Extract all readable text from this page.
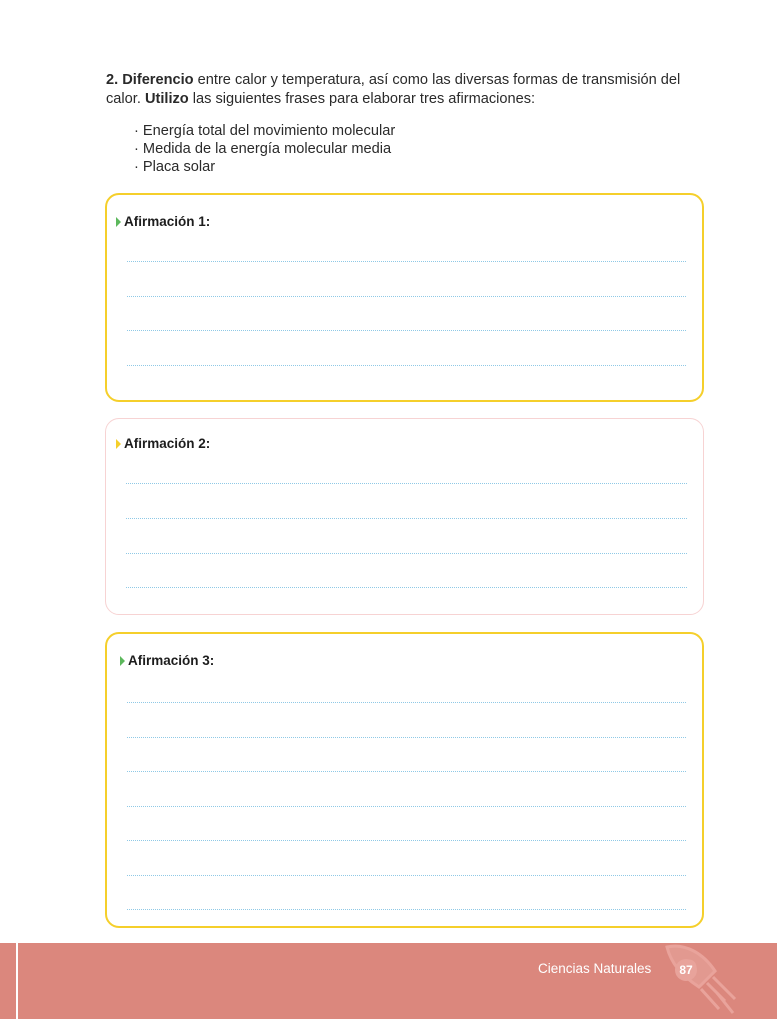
2. Diferencio entre calor y temperatura, así como las diversas formas de transmisión del calor. Utilizo las siguientes frases para elaborar tres afirmaciones:
· Energía total del movimiento molecular
· Medida de la energía molecular media
· Placa solar
Afirmación 1:
Afirmación 2:
Afirmación 3:
Ciencias Naturales	87
